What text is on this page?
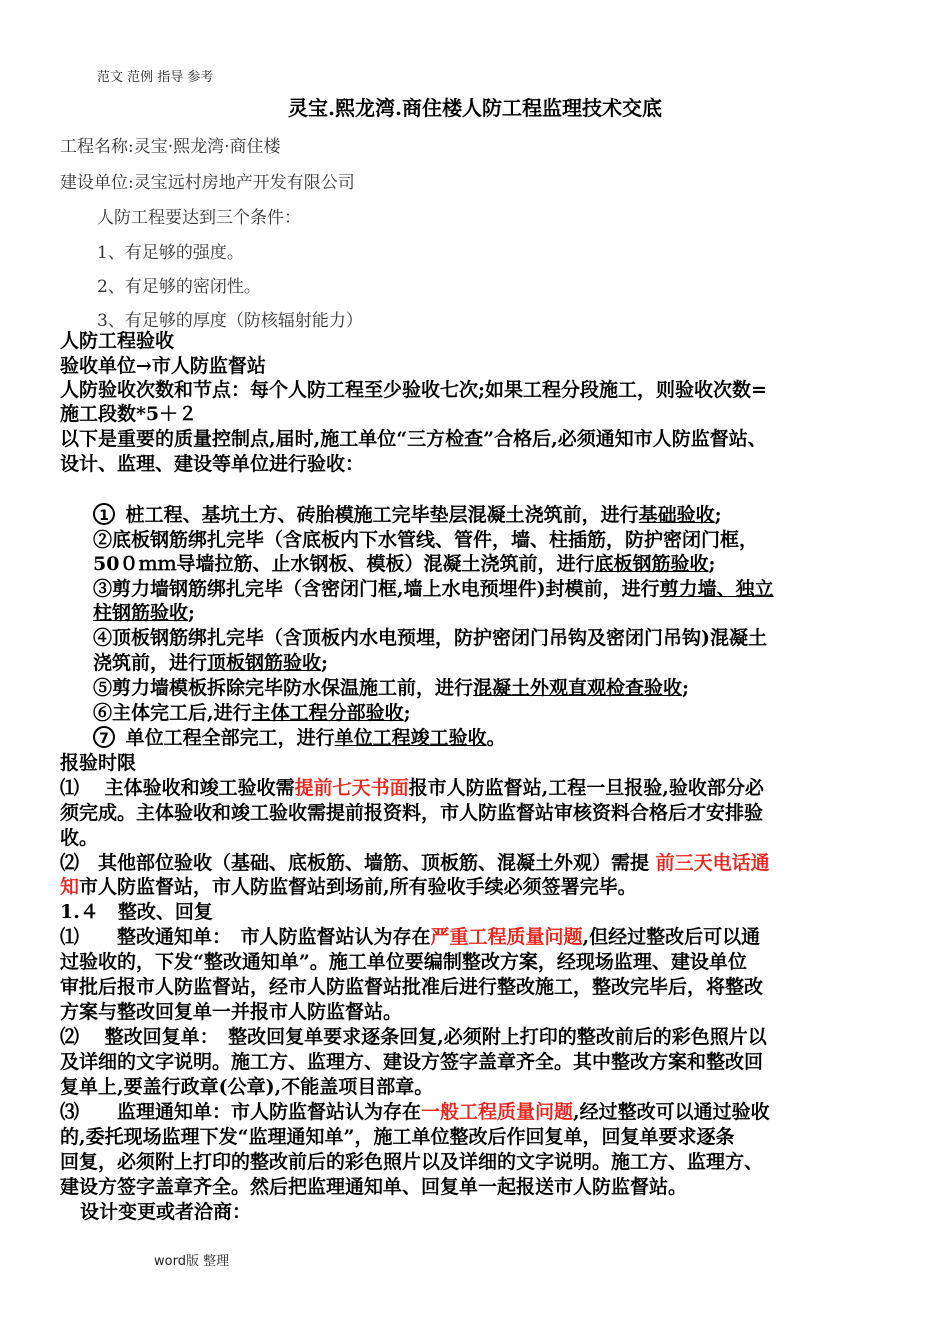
范文 范例 指导 参考
灵宝.熙龙湾.商住楼人防工程监理技术交底
工程名称:灵宝·熙龙湾·商住楼
建设单位:灵宝远村房地产开发有限公司
人防工程要达到三个条件：
1、有足够的强度。
2、有足够的密闭性。
3、有足够的厚度（防核辐射能力）
人防工程验收
验收单位→市人防监督站
人防验收次数和节点：每个人防工程至少验收七次;如果工程分段施工，则验收次数=
施工段数*5＋２
以下是重要的质量控制点,届时,施工单位“三方检查”合格后,必须通知市人防监督站、
设计、监理、建设等单位进行验收：
1 桩工程、基坑土方、砖胎模施工完毕垫层混凝土浇筑前，进行基础验收;
②底板钢筋绑扎完毕（含底板内下水管线、管件，墙、柱插筋，防护密闭门框，
50０ｍｍ导墙拉筋、止水钢板、模板）混凝土浇筑前，进行底板钢筋验收;
③剪力墙钢筋绑扎完毕（含密闭门框,墙上水电预埋件)封模前，进行剪力墙、独立
柱钢筋验收;
④顶板钢筋绑扎完毕（含顶板内水电预埋，防护密闭门吊钩及密闭门吊钩)混凝土
浇筑前，进行顶板钢筋验收;
⑤剪力墙模板拆除完毕防水保温施工前，进行混凝土外观直观检查验收;
⑥主体完工后,进行主体工程分部验收;
7 单位工程全部完工，进行单位工程竣工验收。
报验时限
⑴　 主体验收和竣工验收需提前七天书面报市人防监督站,工程一旦报验,验收部分必
须完成。主体验收和竣工验收需提前报资料，市人防监督站审核资料合格后才安排验
收。
⑵　其他部位验收（基础、底板筋、墙筋、顶板筋、混凝土外观）需提 前三天电话通
知市人防监督站，市人防监督站到场前,所有验收手续必须签署完毕。
1.４　整改、回复
⑴　　整改通知单：　市人防监督站认为存在严重工程质量问题,但经过整改后可以通
过验收的，下发“整改通知单”。施工单位要编制整改方案，经现场监理、建设单位
审批后报市人防监督站，经市人防监督站批准后进行整改施工，整改完毕后，将整改
方案与整改回复单一并报市人防监督站。
⑵　 整改回复单：　整改回复单要求逐条回复,必须附上打印的整改前后的彩色照片以
及详细的文字说明。施工方、监理方、建设方签字盖章齐全。其中整改方案和整改回
复单上,要盖行政章(公章),不能盖项目部章。
⑶　　监理通知单：市人防监督站认为存在一般工程质量问题,经过整改可以通过验收
的,委托现场监理下发“监理通知单”，施工单位整改后作回复单，回复单要求逐条
回复，必须附上打印的整改前后的彩色照片以及详细的文字说明。施工方、监理方、
建设方签字盖章齐全。然后把监理通知单、回复单一起报送市人防监督站。
设计变更或者洽商：
word版 整理
